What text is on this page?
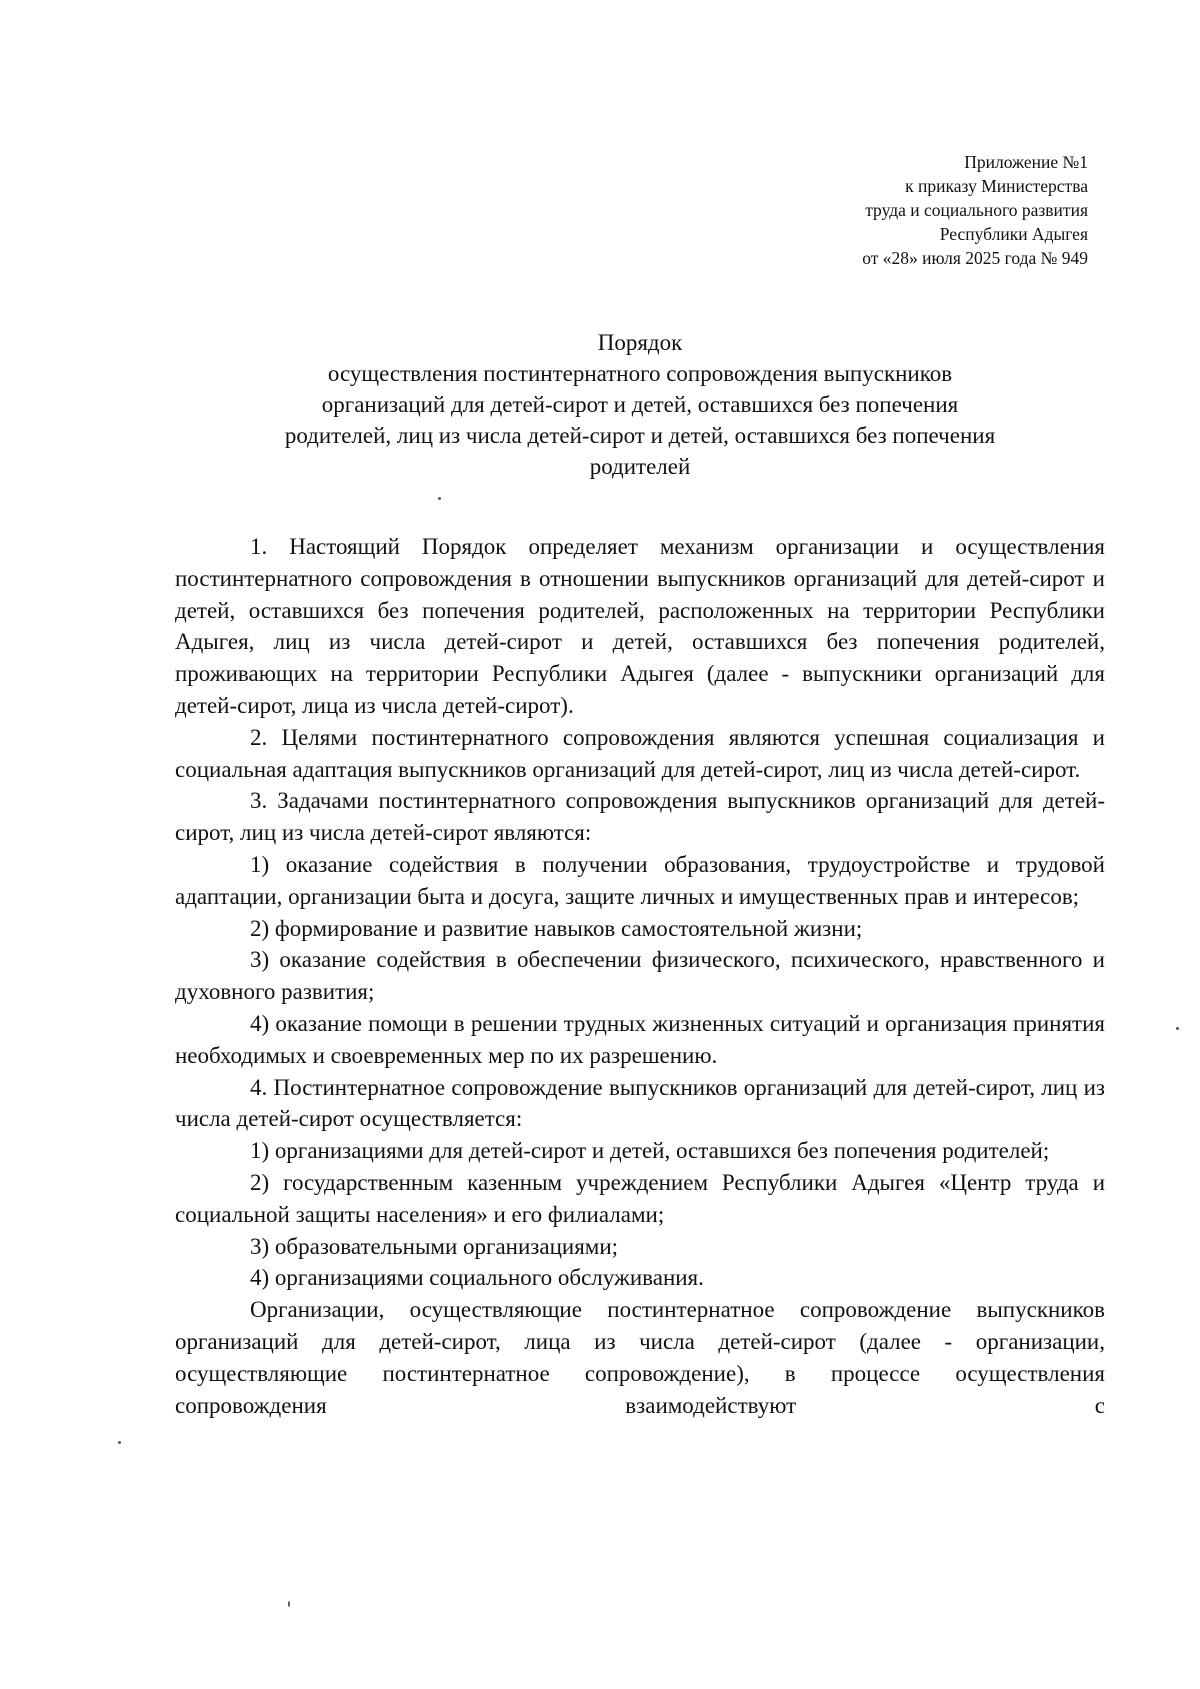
Приложение №1
к приказу Министерства
труда и социального развития
Республики Адыгея
от «28» июля 2025 года № 949
Порядок
осуществления постинтернатного сопровождения выпускников
организаций для детей-сирот и детей, оставшихся без попечения
родителей, лиц из числа детей-сирот и детей, оставшихся без попечения
родителей

1. Настоящий Порядок определяет механизм организации и осуществления постинтернатного сопровождения в отношении выпускников организаций для детей-сирот и детей, оставшихся без попечения родителей, расположенных на территории Республики Адыгея, лиц из числа детей-сирот и детей, оставшихся без попечения родителей, проживающих на территории Республики Адыгея (далее - выпускники организаций для детей-сирот, лица из числа детей-сирот).

2. Целями постинтернатного сопровождения являются успешная социализация и социальная адаптация выпускников организаций для детей-сирот, лиц из числа детей-сирот.

3. Задачами постинтернатного сопровождения выпускников организаций для детей-сирот, лиц из числа детей-сирот являются:

1) оказание содействия в получении образования, трудоустройстве и трудовой адаптации, организации быта и досуга, защите личных и имущественных прав и интересов;

2) формирование и развитие навыков самостоятельной жизни;

3) оказание содействия в обеспечении физического, психического, нравственного и духовного развития;

4) оказание помощи в решении трудных жизненных ситуаций и организация принятия необходимых и своевременных мер по их разрешению.

4. Постинтернатное сопровождение выпускников организаций для детей-сирот, лиц из числа детей-сирот осуществляется:

1) организациями для детей-сирот и детей, оставшихся без попечения родителей;

2) государственным казенным учреждением Республики Адыгея «Центр труда и социальной защиты населения» и его филиалами;

3) образовательными организациями;

4) организациями социального обслуживания.

Организации, осуществляющие постинтернатное сопровождение выпускников организаций для детей-сирот, лица из числа детей-сирот (далее - организации, осуществляющие постинтернатное сопровождение), в процессе осуществления сопровождения взаимодействуют с
